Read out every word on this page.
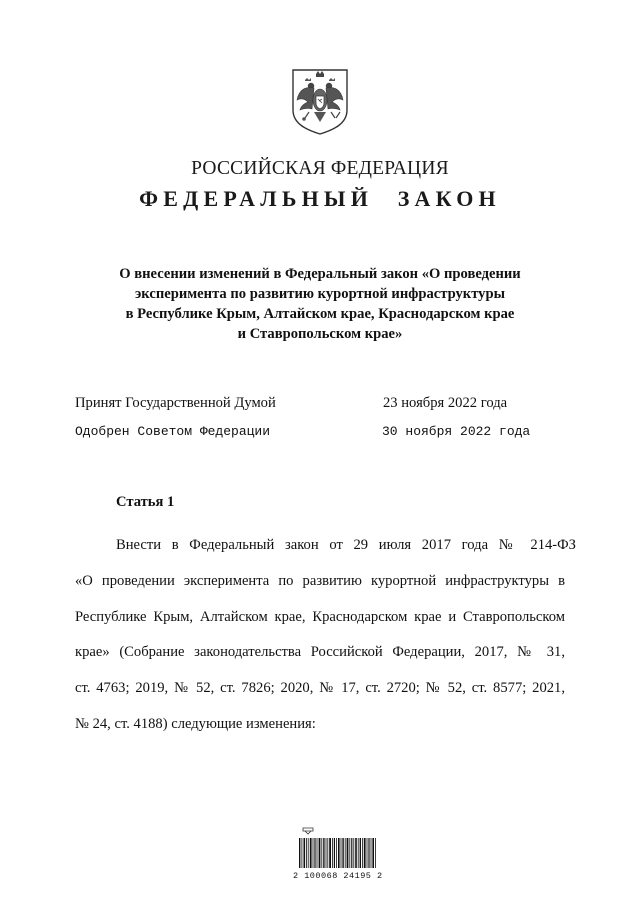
РОССИЙСКАЯ ФЕДЕРАЦИЯ
ФЕДЕРАЛЬНЫЙ ЗАКОН
О внесении изменений в Федеральный закон «О проведении
эксперимента по развитию курортной инфраструктуры
в Республике Крым, Алтайском крае, Краснодарском крае
и Ставропольском крае»
Принят Государственной Думой	23 ноября 2022 года
Одобрен Советом Федерации	30 ноября 2022 года
Статья 1
Внести в Федеральный закон от 29 июля 2017 года № 214-ФЗ
«О проведении эксперимента по развитию курортной инфраструктуры в
Республике Крым, Алтайском крае, Краснодарском крае и Ставропольском
крае» (Собрание законодательства Российской Федерации, 2017, № 31,
ст. 4763; 2019, № 52, ст. 7826; 2020, № 17, ст. 2720; № 52, ст. 8577; 2021,
№ 24, ст. 4188) следующие изменения:
2 100068 24195 2
